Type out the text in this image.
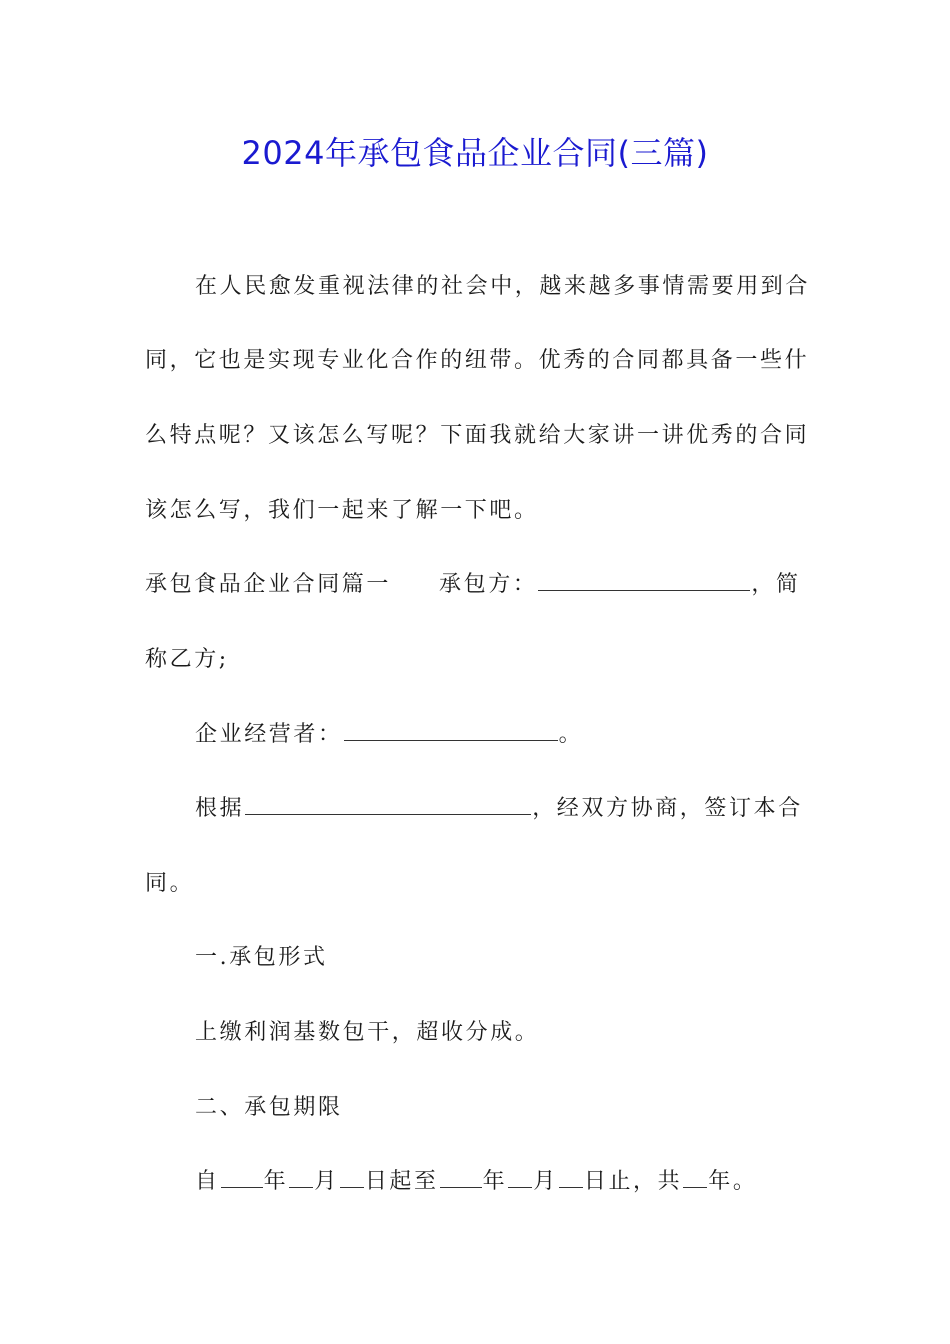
2024年承包食品企业合同(三篇)
在人民愈发重视法律的社会中，越来越多事情需要用到合
同，它也是实现专业化合作的纽带。优秀的合同都具备一些什
么特点呢？又该怎么写呢？下面我就给大家讲一讲优秀的合同
该怎么写，我们一起来了解一下吧。
承包食品企业合同篇一 承包方：	，简
称乙方;
企业经营者：	。
根据	，经双方协商，签订本合
同。
一.承包形式
上缴利润基数包干，超收分成。
二、承包期限
自 年 月 日起至 年 月 日止，共 年。
